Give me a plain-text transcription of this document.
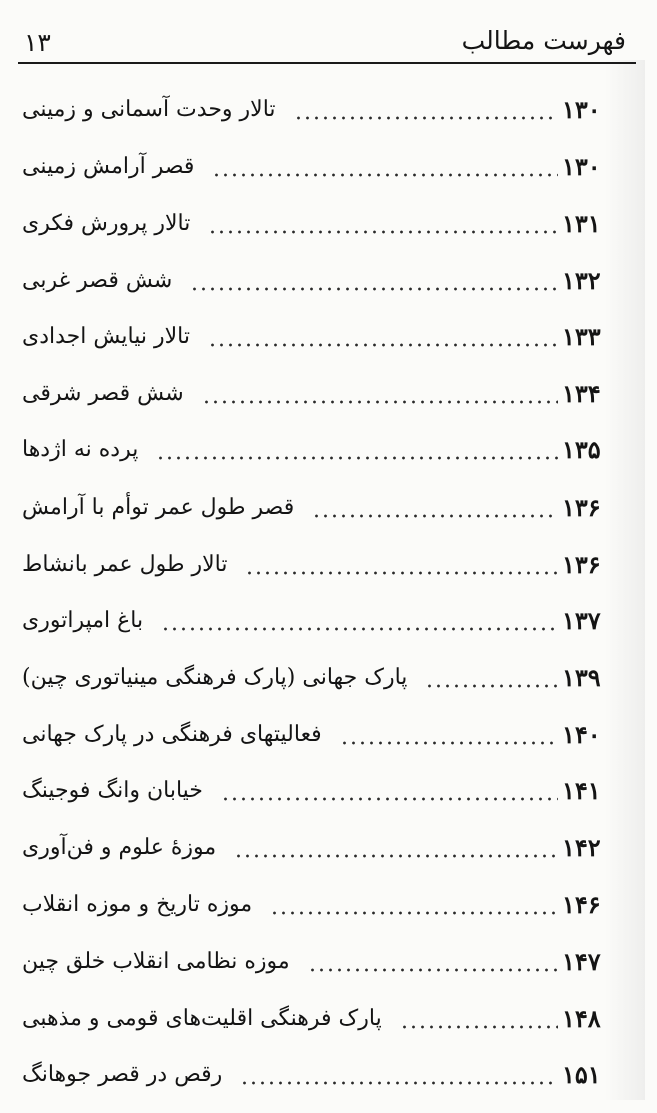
فهرست مطالب
۱۳
تالار وحدت آسمانی و زمینی	۱۳۰
قصر آرامش زمینی	۱۳۰
تالار پرورش فکری	۱۳۱
شش قصر غربی	۱۳۲
تالار نیایش اجدادی	۱۳۳
شش قصر شرقی	۱۳۴
پرده نه اژدها	۱۳۵
قصر طول عمر توأم با آرامش	۱۳۶
تالار طول عمر بانشاط	۱۳۶
باغ امپراتوری	۱۳۷
پارک جهانی (پارک فرهنگی مینیاتوری چین)	۱۳۹
فعالیتهای فرهنگی در پارک جهانی	۱۴۰
خیابان وانگ فوجینگ	۱۴۱
موزهٔ علوم و فن‌آوری	۱۴۲
موزه تاریخ و موزه انقلاب	۱۴۶
موزه نظامی انقلاب خلق چین	۱۴۷
پارک فرهنگی اقلیت‌های قومی و مذهبی	۱۴۸
رقص در قصر جوهانگ	۱۵۱
